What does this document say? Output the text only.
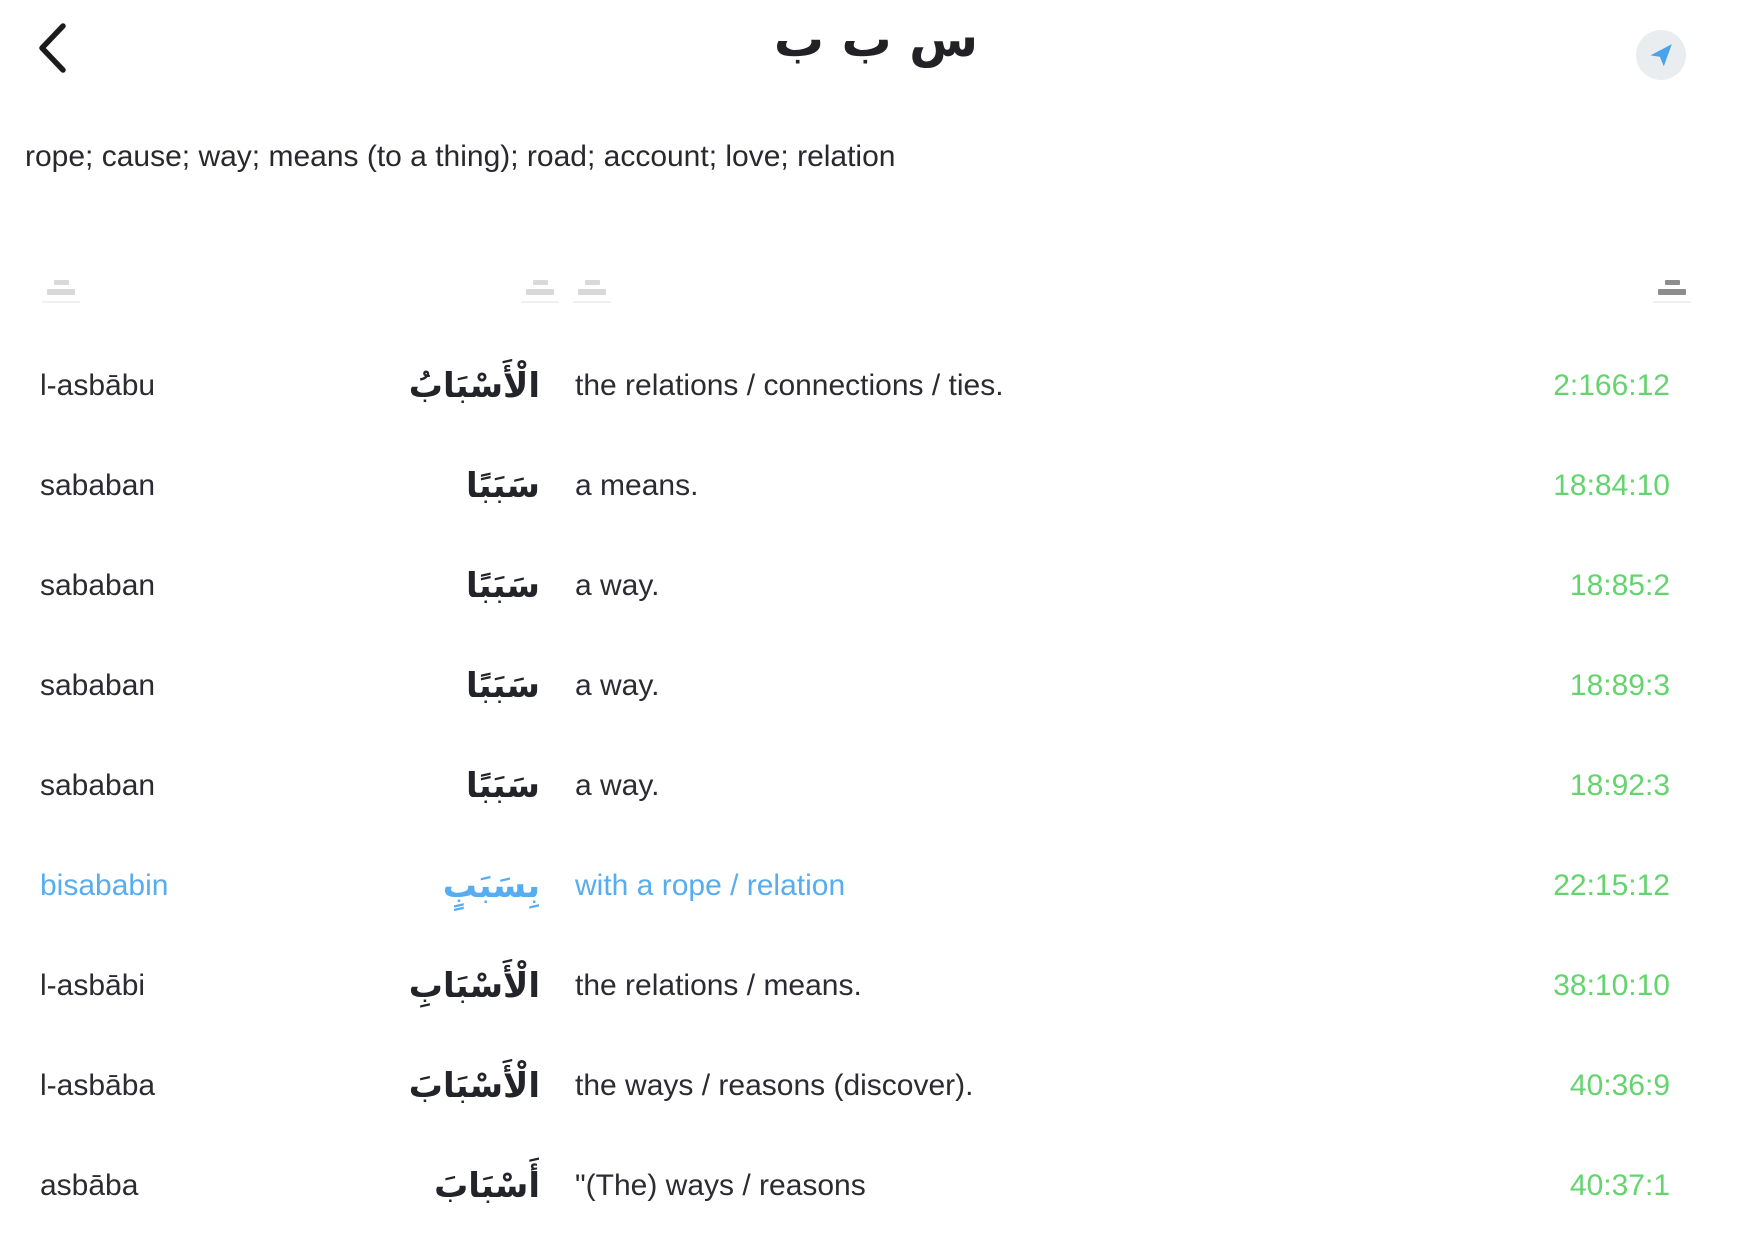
س ب ب
rope; cause; way; means (to a thing); road; account; love; relation
l-asbābu	الْأَسْبَابُ the relations / connections / ties.	2:166:12
sababan	سَبَبًا a means.	18:84:10
sababan	سَبَبًا a way.	18:85:2
sababan	سَبَبًا a way.	18:89:3
sababan	سَبَبًا a way.	18:92:3
bisababin	بِسَبَبٍ with a rope / relation	22:15:12
l-asbābi	الْأَسْبَابِ the relations / means.	38:10:10
l-asbāba	الْأَسْبَابَ the ways / reasons (discover).	40:36:9
asbāba	أَسْبَابَ "(The) ways / reasons	40:37:1
